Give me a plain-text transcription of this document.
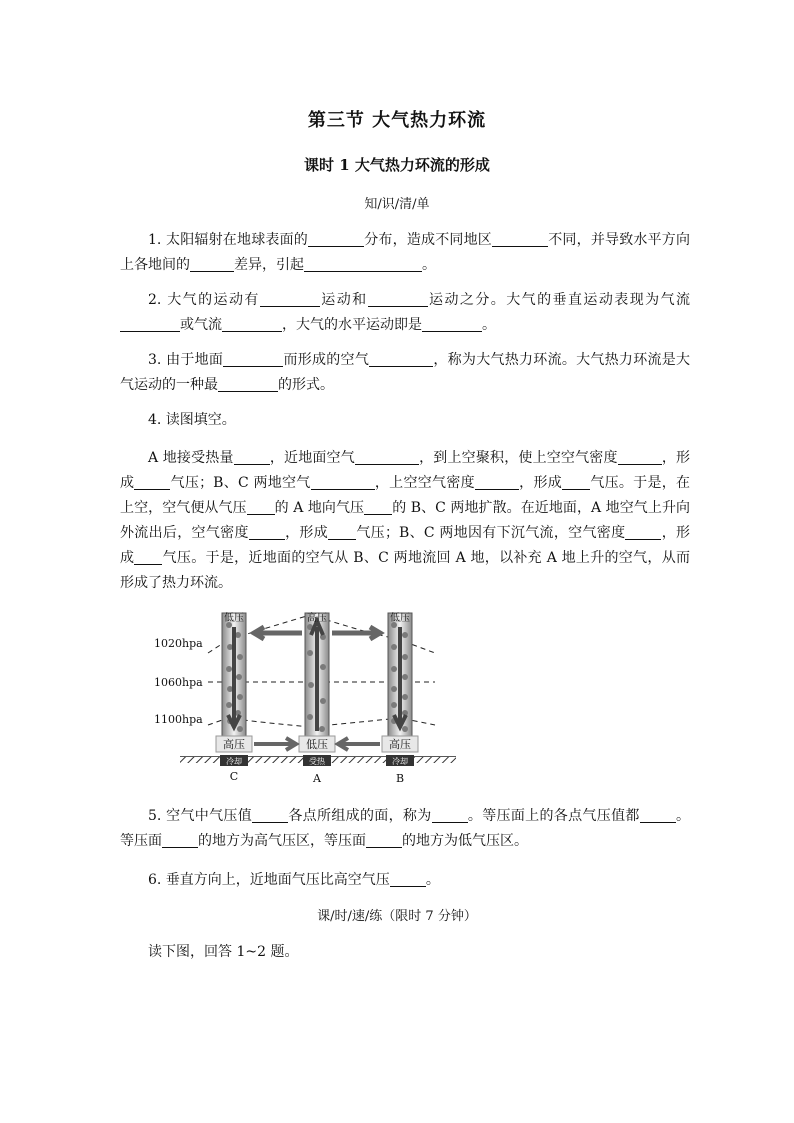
第三节 大气热力环流
课时 1 大气热力环流的形成
知/识/清/单
1. 太阳辐射在地球表面的	分布，造成不同地区	不同，并导致水平方向上各地间的	差异，引起	。
2. 大气的运动有	运动和	运动之分。大气的垂直运动表现为气流或气流	，大气的水平运动即是	。
3. 由于地面	而形成的空气	，称为大气热力环流。大气热力环流是大气运动的一种最	的形式。
4. 读图填空。
A 地接受热量	，近地面空气	，到上空聚积，使上空空气密度	，形成	气压；B、C 两地空气	，上空空气密度	，形成 气压。于是，在上空，空气便从气压 的 A 地向气压 的 B、C 两地扩散。在近地面，A 地空气上升向外流出后，空气密度	，形成 气压；B、C 两地因有下沉气流，空气密度	，形成 气压。于是，近地面的空气从 B、C 两地流回 A 地，以补充 A 地上升的空气，从而形成了热力环流。
1020hpa
1060hpa
1100hpa
低压	高压	低压
高压	低压	高压
冷却	受热	冷却
C	A	B
5. 空气中气压值	各点所组成的面，称为	。等压面上的各点气压值都	。等压面	的地方为高气压区，等压面	的地方为低气压区。
6. 垂直方向上，近地面气压比高空气压	。
课/时/速/练（限时 7 分钟）
读下图，回答 1~2 题。
